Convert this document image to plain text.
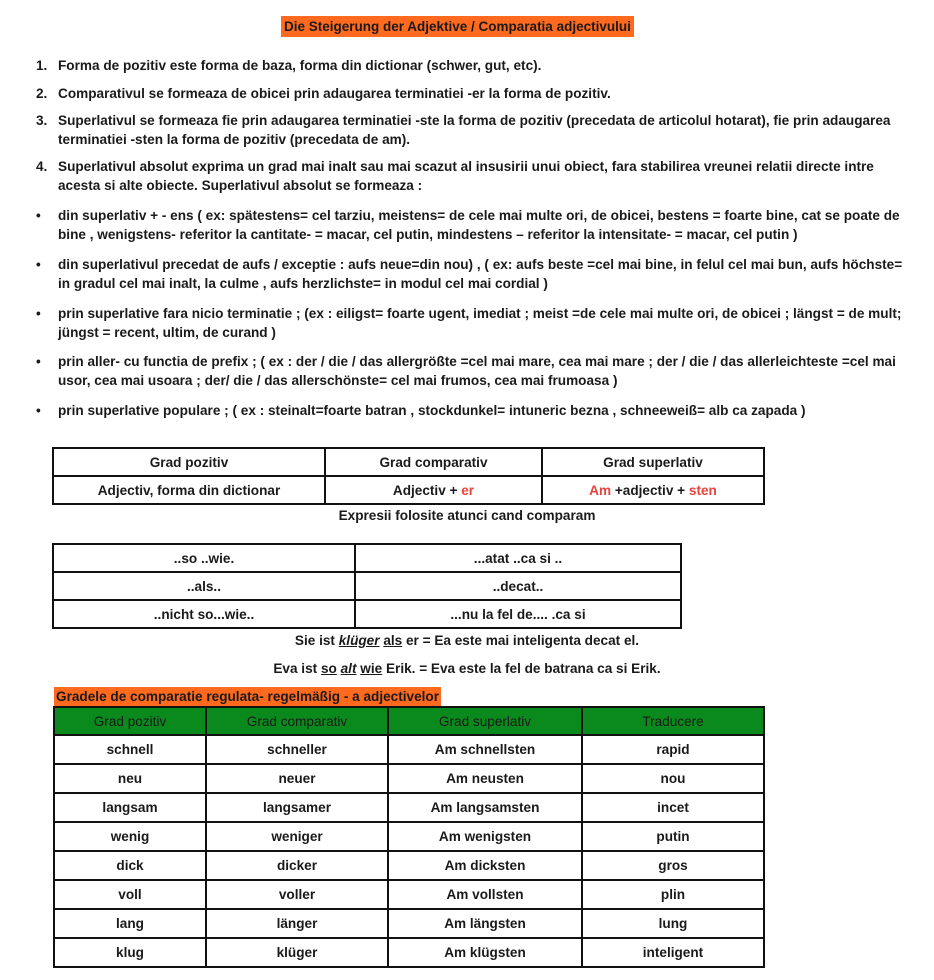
Die Steigerung der Adjektive / Comparatia adjectivului
1. Forma de pozitiv este forma de baza, forma din dictionar (schwer, gut, etc).
2. Comparativul se formeaza de obicei prin adaugarea terminatiei -er la forma de pozitiv.
3. Superlativul se formeaza fie prin adaugarea terminatiei -ste la forma de pozitiv (precedata de articolul hotarat), fie prin adaugarea terminatiei -sten la forma de pozitiv (precedata de am).
4. Superlativul absolut exprima un grad mai inalt sau mai scazut al insusirii unui obiect, fara stabilirea vreunei relatii directe intre acesta si alte obiecte. Superlativul absolut se formeaza :
•	din superlativ + - ens ( ex: spätestens= cel tarziu, meistens= de cele mai multe ori, de obicei, bestens = foarte bine, cat se poate de bine , wenigstens- referitor la cantitate- = macar, cel putin, mindestens – referitor la intensitate- = macar, cel putin )
•	din superlativul precedat de aufs / exceptie : aufs neue=din nou) , ( ex: aufs beste =cel mai bine, in felul cel mai bun, aufs höchste= in gradul cel mai inalt, la culme , aufs herzlichste= in modul cel mai cordial )
•	prin superlative fara nicio terminatie ; (ex : eiligst= foarte ugent, imediat ; meist =de cele mai multe ori, de obicei ; längst = de mult; jüngst = recent, ultim, de curand )
•	prin aller- cu functia de prefix ; ( ex : der / die / das allergrößte =cel mai mare, cea mai mare ; der / die / das allerleichteste =cel mai usor, cea mai usoara ; der/ die / das allerschönste= cel mai frumos, cea mai frumoasa )
•	prin superlative populare ; ( ex : steinalt=foarte batran , stockdunkel= intuneric bezna , schneeweiß= alb ca zapada )
Grad pozitiv	Grad comparativ	Grad superlativ
Adjectiv, forma din dictionar	Adjectiv + er	Am +adjectiv + sten
Expresii folosite atunci cand comparam
..so ..wie.	...atat ..ca si ..
..als..	..decat..
..nicht so...wie..	...nu la fel de.... .ca si
Sie ist klüger als er = Ea este mai inteligenta decat el.
Eva ist so alt wie Erik. = Eva este la fel de batrana ca si Erik.
Gradele de comparatie regulata- regelmäßig - a adjectivelor
Grad pozitiv	Grad comparativ	Grad superlativ	Traducere
schnell	schneller	Am schnellsten	rapid
neu	neuer	Am neusten	nou
langsam	langsamer	Am langsamsten	incet
wenig	weniger	Am wenigsten	putin
dick	dicker	Am dicksten	gros
voll	voller	Am vollsten	plin
lang	länger	Am längsten	lung
klug	klüger	Am klügsten	inteligent
